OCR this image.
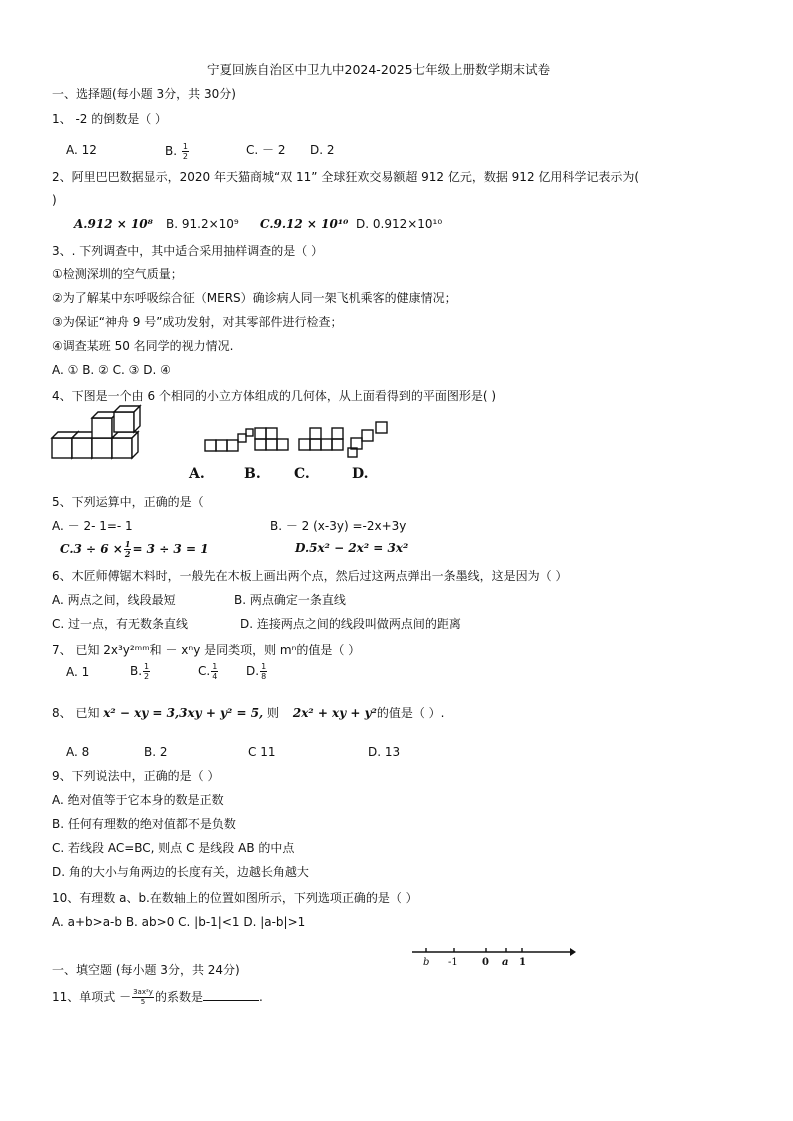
宁夏回族自治区中卫九中2024-2025七年级上册数学期末试卷
一、选择题(每小题 3分，共 30分)
1、 -2 的倒数是（ ）
A. 12	B. $\frac{1}{2}$	C. － 2 D. 2
2、阿里巴巴数据显示，2020 年天猫商城“双 11” 全球狂欢交易额超 912 亿元，数据 912 亿用科学记表示为(
)
A.912 × 10⁸ B. 91.2×10⁹ C.9.12 × 10¹⁰ D. 0.912×10¹⁰
3、. 下列调查中，其中适合采用抽样调查的是（ ）
①检测深圳的空气质量；
②为了解某中东呼吸综合征（MERS）确诊病人同一架飞机乘客的健康情况；
③为保证“神舟 9 号”成功发射，对其零部件进行检查；
④调查某班 50 名同学的视力情况.
A. ① B. ② C. ③ D. ④
4、下图是一个由 6 个相同的小立方体组成的几何体，从上面看得到的平面图形是( )
A.	B. C.	D.
5、下列运算中，正确的是（
A. － 2- 1=- 1	B. － 2 (x-3y) =-2x+3y
$C.3 \div 6 \times \frac{1}{2} = 3 \div 3 = 1$	D.5x² − 2x² = 3x²
6、木匠师傅锯木料时，一般先在木板上画出两个点，然后过这两点弹出一条墨线，这是因为（ ）
A. 两点之间，线段最短	B. 两点确定一条直线
C. 过一点，有无数条直线	D. 连接两点之间的线段叫做两点间的距离
7、 已知 2x³y²ᵐᵐ和 － xⁿy 是同类项，则 mⁿ的值是（ ）
A. 1	B. $\frac{1}{2}$	C. $\frac{1}{4} D$. $\frac{1}{8}$
8、 已知 x² − xy = 3,3xy + y² = 5, 则 2x² + xy + y²的值是（ ）.
A. 8	B. 2	C 11	D. 13
9、下列说法中，正确的是（ ）
A. 绝对值等于它本身的数是正数
B. 任何有理数的绝对值都不是负数
C. 若线段 AC=BC, 则点 C 是线段 AB 的中点
D. 角的大小与角两边的长度有关，边越长角越大
10、有理数 a、b.在数轴上的位置如图所示，下列选项正确的是（ ）
A. a+b>a-b B. ab>0 C. |b-1|<1 D. |a-b|>1
b -1 0 a 1
一、填空题 (每小题 3分，共 24分)
11、单项式 － $\frac{\text{3ax²y}}{5}$ 的系数是	.
